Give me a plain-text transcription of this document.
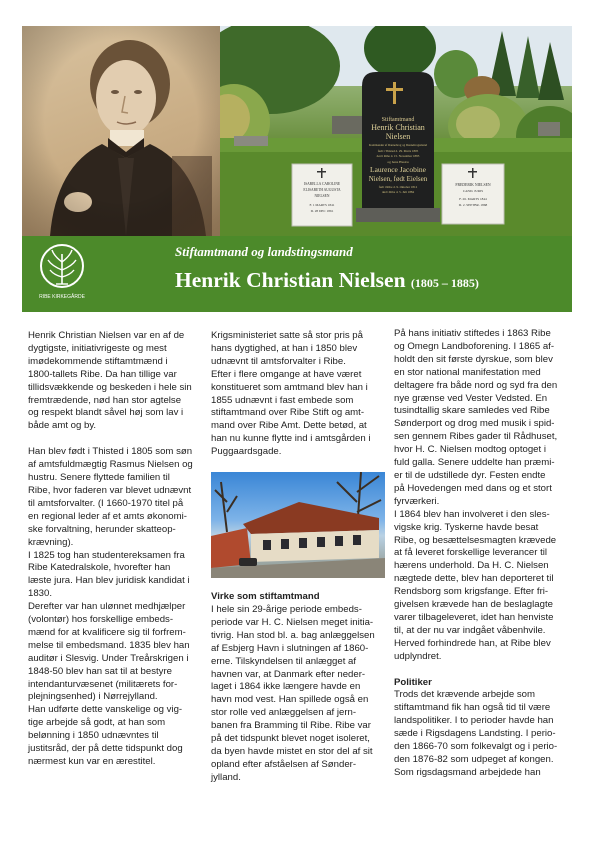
Stiftamtmand
Henrik Christian
Nielsen
Kommandør af Dannebrog og Dannebrogsmand
født i Thisted d. 29. Marts 1805
død i Ribe d. 15. November 1885
og hans Hustru
Laurence Jacobine
Nielsen, født Eielsen
født i Ribe d. 9. Oktober 1812
død i Ribe d. 5. Juli 1884
ISABELLA CAROLINE
ELISABETH AUGUSTA
NIELSEN
F. 1 MARTS 1841
D. 28 DEC 1861
FREDERIK NIELSEN
CAND. JURIS
F. 26. MARTS 1844
D. 2. SEPTBR. 1868
RIBE KIRKEGÅRDE
Stiftamtmand og landstingsmand
Henrik Christian Nielsen (1805 – 1885)

Henrik Christian Nielsen var en af de
dygtigste, initiativrigeste og mest
imødekommende stiftamtmænd i
1800-tallets Ribe. Da han tillige var
tillidsvækkende og beskeden i hele sin
fremtrædende, nød han stor agtelse
og respekt blandt såvel høj som lav i
både amt og by.

Han blev født i Thisted i 1805 som søn
af amtsfuldmægtig Rasmus Nielsen og
hustru. Senere flyttede familien til
Ribe, hvor faderen var blevet udnævnt
til amtsforvalter. (I 1660-1970 titel på
en regional leder af et amts økonomi-
ske forvaltning, herunder skatteop-
krævning).
I 1825 tog han studentereksamen fra
Ribe Katedralskole, hvorefter han
læste jura. Han blev juridisk kandidat i
1830.
Derefter var han ulønnet medhjælper
(volontør) hos forskellige embeds-
mænd for at kvalificere sig til forfrem-
melse til embedsmand. 1835 blev han
auditør i Slesvig. Under Treårskrigen i
1848-50 blev han sat til at bestyre
intendanturvæsenet (militærets for-
plejningsenhed) i Nørrejylland.
Han udførte dette vanskelige og vig-
tige arbejde så godt, at han som
belønning i 1850 udnævntes til
justitsråd, der på dette tidspunkt dog
nærmest kun var en ærestitel.

Krigsministeriet satte så stor pris på
hans dygtighed, at han i 1850 blev
udnævnt til amtsforvalter i Ribe.
Efter i flere omgange at have været
konstitueret som amtmand blev han i
1855 udnævnt i fast embede som
stiftamtmand over Ribe Stift og amt-
mand over Ribe Amt. Dette betød, at
han nu kunne flytte ind i amtsgården i
Puggaardsgade.

Virke som stiftamtmand

I hele sin 29-årige periode embeds-
periode var H. C. Nielsen meget initia-
tivrig. Han stod bl. a. bag anlæggelsen
af Esbjerg Havn i slutningen af 1860-
erne. Tilskyndelsen til anlægget af
havnen var, at Danmark efter neder-
laget i 1864 ikke længere havde en
havn mod vest. Han spillede også en
stor rolle ved anlæggelsen af jern-
banen fra Bramming til Ribe. Ribe var
på det tidspunkt blevet noget isoleret,
da byen havde mistet en stor del af sit
opland efter afståelsen af Sønder-
jylland.

På hans initiativ stiftedes i 1863 Ribe
og Omegn Landboforening. I 1865 af-
holdt den sit første dyrskue, som blev
en stor national manifestation med
deltagere fra både nord og syd fra den
nye grænse ved Vester Vedsted. En
tusindtallig skare samledes ved Ribe
Sønderport og drog med musik i spid-
sen gennem Ribes gader til Rådhuset,
hvor H. C. Nielsen modtog optoget i
fuld galla. Senere uddelte han præmi-
er til de udstillede dyr. Festen endte
på Hovedengen med dans og et stort
fyrværkeri.
I 1864 blev han involveret i den sles-
vigske krig. Tyskerne havde besat
Ribe, og besættelsesmagten krævede
at få leveret forskellige leverancer til
hærens underhold. Da H. C. Nielsen
nægtede dette, blev han deporteret til
Rendsborg som krigsfange. Efter fri-
givelsen krævede han de beslaglagte
varer tilbageleveret, idet han henviste
til, at der nu var indgået våbenhvile.
Herved forhindrede han, at Ribe blev
udplyndret.

Politiker

Trods det krævende arbejde som
stiftamtmand fik han også tid til være
landspolitiker. I to perioder havde han
sæde i Rigsdagens Landsting. I perio-
den 1866-70 som folkevalgt og i perio-
den 1876-82 som udpeget af kongen.
Som rigsdagsmand arbejdede han
